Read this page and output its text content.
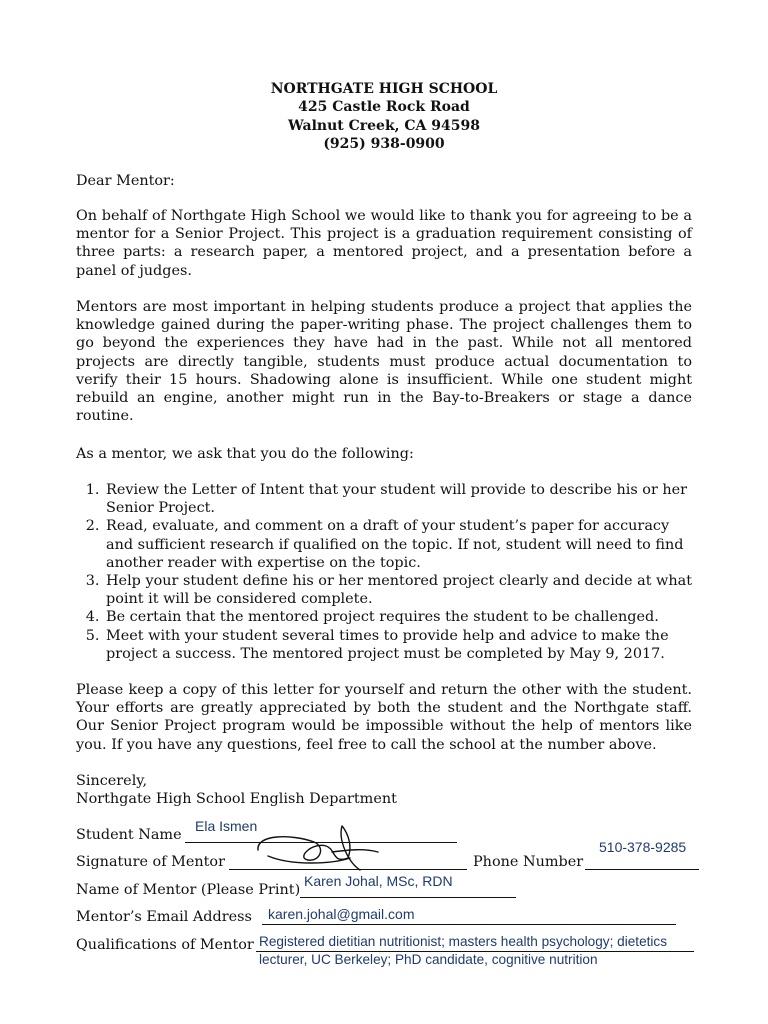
NORTHGATE HIGH SCHOOL
425 Castle Rock Road
Walnut Creek, CA 94598
(925) 938-0900
Dear Mentor:
On behalf of Northgate High School we would like to thank you for agreeing to be a mentor for a Senior Project. This project is a graduation requirement consisting of three parts: a research paper, a mentored project, and a presentation before a panel of judges.
Mentors are most important in helping students produce a project that applies the knowledge gained during the paper-writing phase. The project challenges them to go beyond the experiences they have had in the past. While not all mentored projects are directly tangible, students must produce actual documentation to verify their 15 hours. Shadowing alone is insufficient. While one student might rebuild an engine, another might run in the Bay-to-Breakers or stage a dance routine.
As a mentor, we ask that you do the following:
1. Review the Letter of Intent that your student will provide to describe his or her Senior Project.
2. Read, evaluate, and comment on a draft of your student’s paper for accuracy and sufficient research if qualified on the topic. If not, student will need to find another reader with expertise on the topic.
3. Help your student define his or her mentored project clearly and decide at what point it will be considered complete.
4. Be certain that the mentored project requires the student to be challenged.
5. Meet with your student several times to provide help and advice to make the project a success. The mentored project must be completed by May 9, 2017.
Please keep a copy of this letter for yourself and return the other with the student. Your efforts are greatly appreciated by both the student and the Northgate staff. Our Senior Project program would be impossible without the help of mentors like you. If you have any questions, feel free to call the school at the number above.
Sincerely,
Northgate High School English Department
Student Name
Ela Ismen
Signature of Mentor	Phone Number
510-378-9285
Name of Mentor (Please Print)
Karen Johal, MSc, RDN
Mentor’s Email Address karen.johal@gmail.com
Qualifications of Mentor Registered dietitian nutritionist; masters health psychology; dietetics
lecturer, UC Berkeley; PhD candidate, cognitive nutrition
